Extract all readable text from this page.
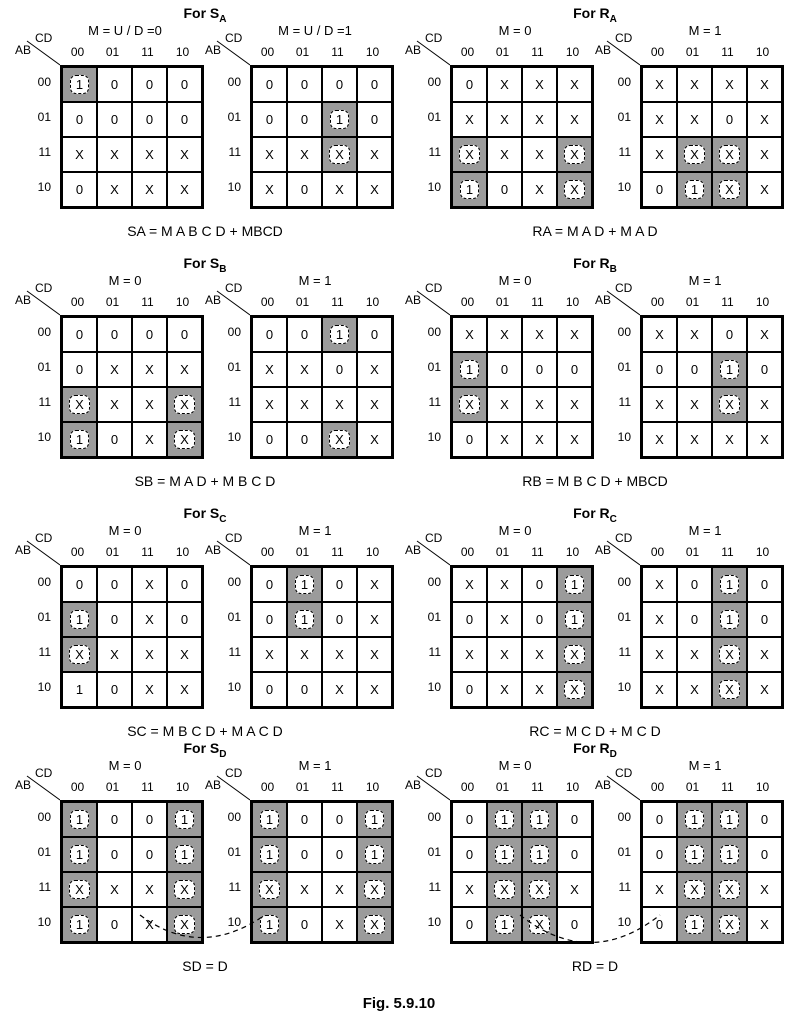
For $S_A$
M = U / D =0
CD
AB	00	01	11	10
00
01
11
10
1	0 0 0
0 0 0 0
X X X X
0 X X X
M = U / D =1
CD
AB	00	01	11	10
00
01
11
10
0 0 0 0
0 0	1	0
X X	X	X
X 0 X X
SA = M A B C D + MBCD
For $R_A$
M = 0
CD
AB	00	01	11	10
00
01
11
10
0 X X X
X X X X
X	X X	X
1	0 X	X
M = 1
CD
AB	00	01	11	10
00
01
11
10
X X X X
X X 0 X
X	X	X	X
0	1	X	X
RA = M A D + M A D
For $S_B$
M = 0
CD
AB	00	01	11	10
00
01
11
10
0 0 0 0
0 X X X
X	X X	X
1	0 X	X
M = 1
CD
AB	00	01	11	10
00
01
11
10
0 0	1	0
X X 0 X
X X X X
0 0	X	X
SB = M A D + M B C D
For $R_B$
M = 0
CD
AB	00	01	11	10
00
01
11
10
X X X X
1	0 0 0
X	X X X
0 X X X
M = 1
CD
AB	00	01	11	10
00
01
11
10
X X 0 X
0 0	1	0
X X	X	X
X X X X
RB = M B C D + MBCD
For $S_C$
M = 0
CD
AB	00	01	11	10
00
01
11
10
0 0 X 0
1	0 X 0
X	X X X
1 0 X X
M = 1
CD
AB	00	01	11	10
00
01
11
10
0	1	0 X
0	1	0 X
X X X X
0 0 X X
SC = M B C D + M A C D
For $R_C$
M = 0
CD
AB	00	01	11	10
00
01
11
10
X X 0	1
0 X 0	1
X X X	X
0 X X	X
M = 1
CD
AB	00	01	11	10
00
01
11
10
X 0	1	0
X 0	1	0
X X	X	X
X X	X	X
RC = M C D + M C D
For $S_D$
M = 0
CD
AB	00	01	11	10
00
01
11
10
1	0 0	1
1	0 0	1
X	X X	X
1	0 X	X
M = 1
CD
AB	00	01	11	10
00
01
11
10
1	0 0	1
1	0 0	1
X	X X	X
1	0 X	X
SD = D
For $R_D$
M = 0
CD
AB	00	01	11	10
00
01
11
10
0	1	1	0
0	1	1	0
X	X	X	X
0	1	X	0
M = 1
CD
AB	00	01	11	10
00
01
11
10
0	1	1	0
0	1	1	0
X	X	X	X
0	1	X	X
RD = D
Fig. 5.9.10
